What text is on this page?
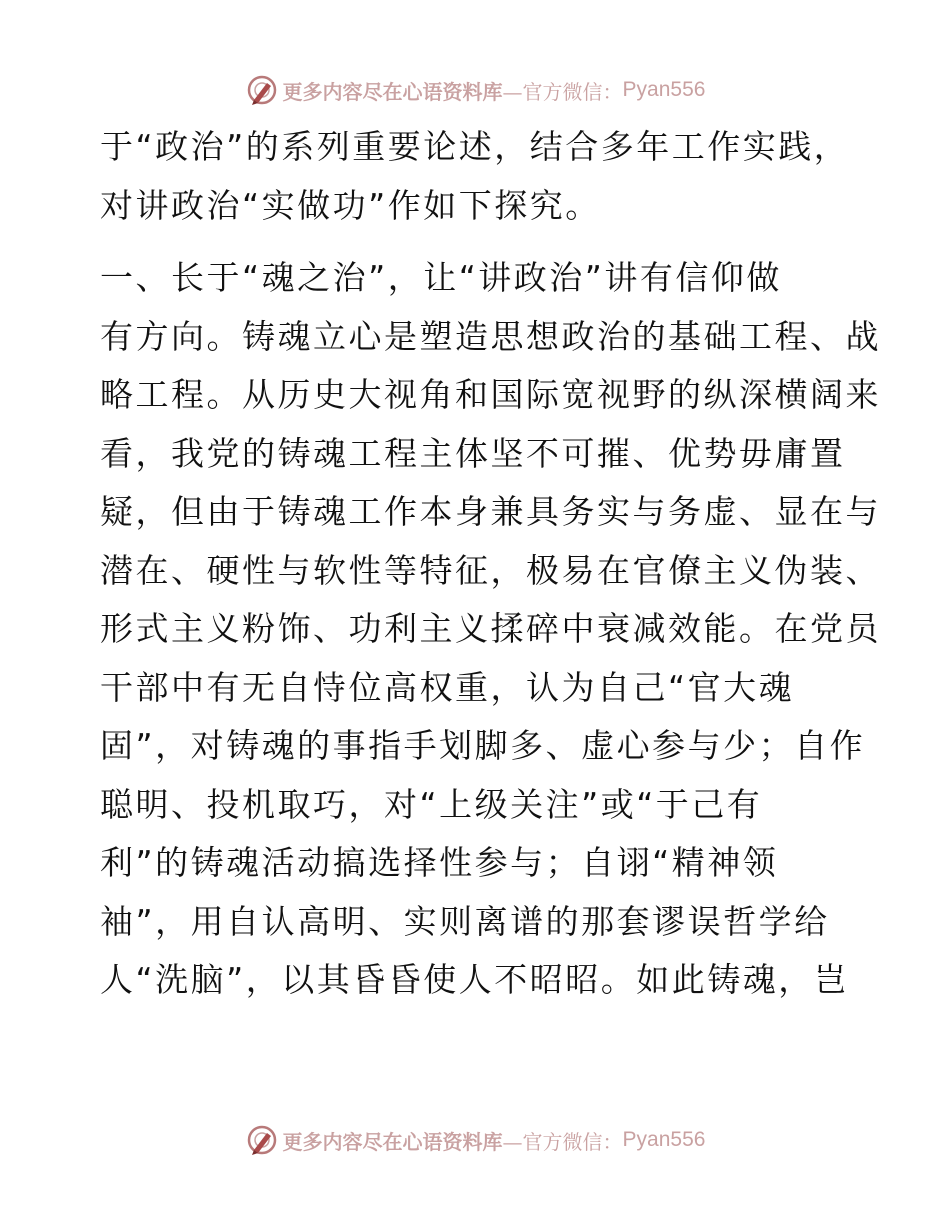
更多内容尽在心语资料库 —官方微信： Pyan556
于“政治”的系列重要论述，结合多年工作实践，
对讲政治“实做功”作如下探究。
一、长于“魂之治”，让“讲政治”讲有信仰做
有方向。铸魂立心是塑造思想政治的基础工程、战
略工程。从历史大视角和国际宽视野的纵深横阔来
看，我党的铸魂工程主体坚不可摧、优势毋庸置
疑，但由于铸魂工作本身兼具务实与务虚、显在与
潜在、硬性与软性等特征，极易在官僚主义伪装、
形式主义粉饰、功利主义揉碎中衰减效能。在党员
干部中有无自恃位高权重，认为自己“官大魂
固”，对铸魂的事指手划脚多、虚心参与少；自作
聪明、投机取巧，对“上级关注”或“于己有
利”的铸魂活动搞选择性参与；自诩“精神领
袖”，用自认高明、实则离谱的那套谬误哲学给
人“洗脑”，以其昏昏使人不昭昭。如此铸魂，岂
更多内容尽在心语资料库 —官方微信： Pyan556
